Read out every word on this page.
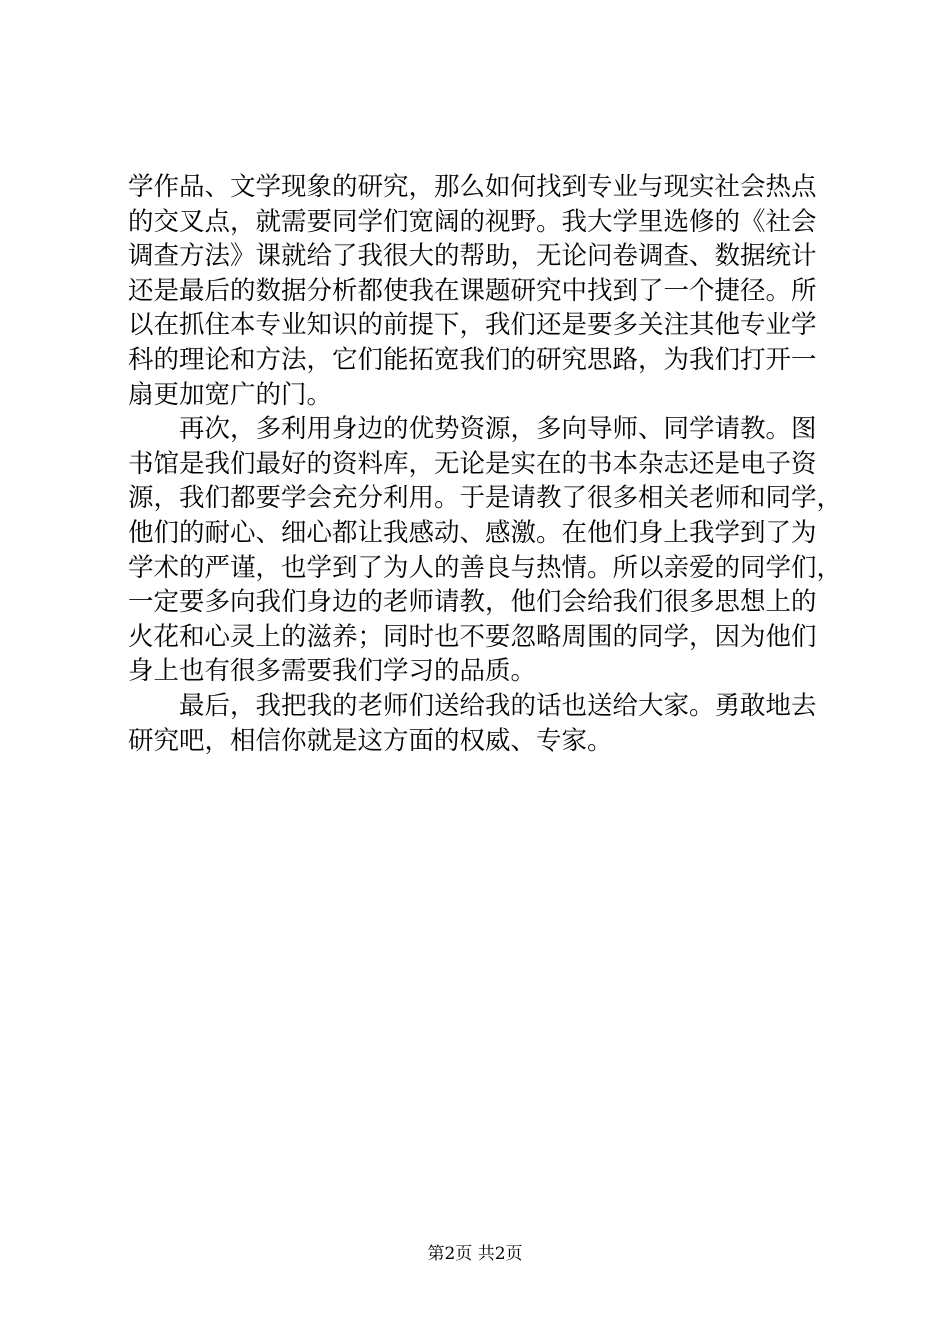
学作品、文学现象的研究，那么如何找到专业与现实社会热点
的交叉点，就需要同学们宽阔的视野。我大学里选修的《社会
调查方法》课就给了我很大的帮助，无论问卷调查、数据统计
还是最后的数据分析都使我在课题研究中找到了一个捷径。所
以在抓住本专业知识的前提下，我们还是要多关注其他专业学
科的理论和方法，它们能拓宽我们的研究思路，为我们打开一
扇更加宽广的门。
　　再次，多利用身边的优势资源，多向导师、同学请教。图
书馆是我们最好的资料库，无论是实在的书本杂志还是电子资
源，我们都要学会充分利用。于是请教了很多相关老师和同学，
他们的耐心、细心都让我感动、感激。在他们身上我学到了为
学术的严谨，也学到了为人的善良与热情。所以亲爱的同学们，
一定要多向我们身边的老师请教，他们会给我们很多思想上的
火花和心灵上的滋养；同时也不要忽略周围的同学，因为他们
身上也有很多需要我们学习的品质。
　　最后，我把我的老师们送给我的话也送给大家。勇敢地去
研究吧，相信你就是这方面的权威、专家。
第2页 共2页
